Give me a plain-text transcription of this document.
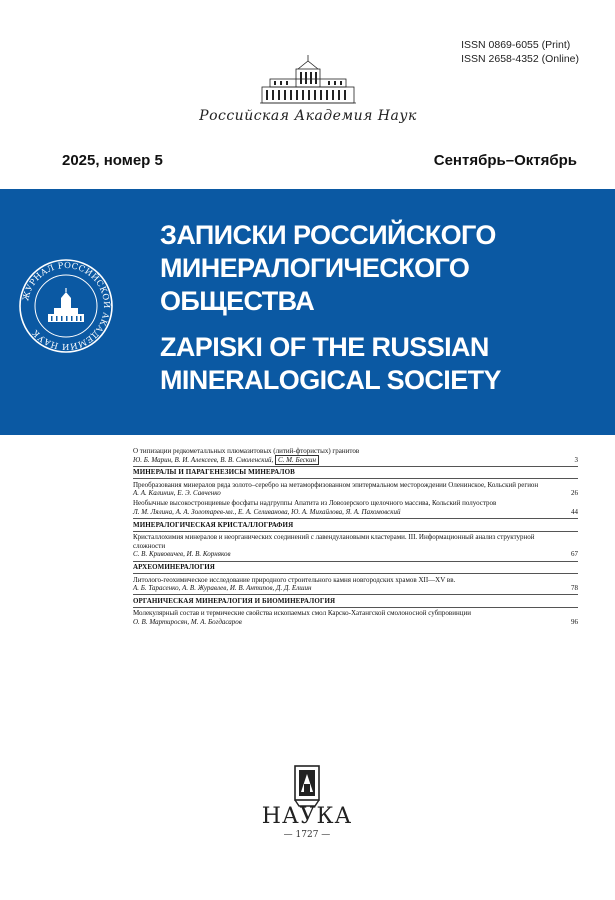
ISSN 0869-6055 (Print)
ISSN 2658-4352 (Online)
Российская Академия Наук
2025, номер 5	Сентябрь–Октябрь
ЖУРНАЛ РОССИЙСКОЙ АКАДЕМИИ НАУК
ЗАПИСКИ РОССИЙСКОГО
МИНЕРАЛОГИЧЕСКОГО
ОБЩЕСТВА
ZAPISKI OF THE RUSSIAN
MINERALOGICAL SOCIETY
О типизации редкометалльных плюмазитовых (литий-фтористых) гранитов
Ю. Б. Марин, В. И. Алексеев, В. В. Смоленский, С. М. Бескин	3
МИНЕРАЛЫ И ПАРАГЕНЕЗИСЫ МИНЕРАЛОВ
Преобразования минералов ряда золото–серебро на метаморфизованном эпитермальном месторождении Оленинское, Кольский регион
А. А. Калинин, Е. Э. Савченко	26
Необычные высокостронциевые фосфаты надгруппы Апатита из Ловозерского щелочного массива, Кольский полуостров
Л. М. Лялина, А. А. Золотарев-мл., Е. А. Селиванова, Ю. А. Михайлова, Я. А. Пахомовский	44
МИНЕРАЛОГИЧЕСКАЯ КРИСТАЛЛОГРАФИЯ
Кристаллохимия минералов и неорганических соединений с лавендулановыми кластерами. III. Информационный анализ структурной сложности
С. В. Кривовичев, И. В. Корняков	67
АРХЕОМИНЕРАЛОГИЯ
Литолого-геохимическое исследование природного строительного камня новгородских храмов XII—XV вв.
А. Б. Тарасенко, А. В. Журавлев, И. В. Антипов, Д. Д. Елшин	78
ОРГАНИЧЕСКАЯ МИНЕРАЛОГИЯ И БИОМИНЕРАЛОГИЯ
Молекулярный состав и термические свойства ископаемых смол Карско-Хатангской смолоносной субпровинции
О. В. Мартиросян, М. А. Богдасаров	96
НАУКА
— 1727 —
